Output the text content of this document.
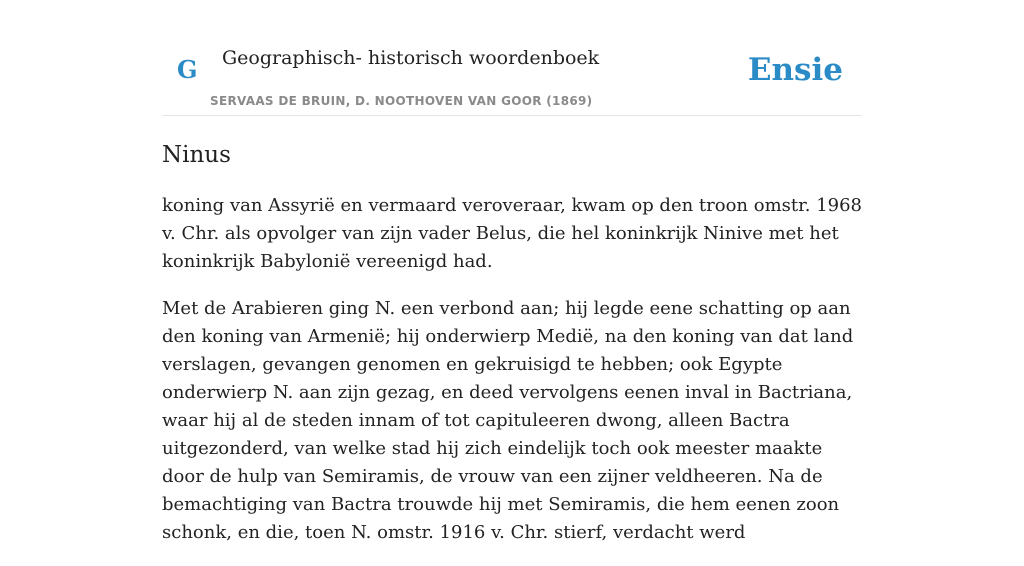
G Geographisch- historisch woordenboek
SERVAAS DE BRUIN, D. NOOTHOVEN VAN GOOR (1869)
Ensie
Ninus

koning van Assyrië en vermaard veroveraar, kwam op den troon omstr. 1968 v. Chr. als opvolger van zijn vader Belus, die hel koninkrijk Ninive met het koninkrijk Babylonië vereenigd had.

Met de Arabieren ging N. een verbond aan; hij legde eene schatting op aan den koning van Armenië; hij onderwierp Medië, na den koning van dat land verslagen, gevangen genomen en gekruisigd te hebben; ook Egypte onderwierp N. aan zijn gezag, en deed vervolgens eenen inval in Bactriana, waar hij al de steden innam of tot capituleeren dwong, alleen Bactra uitgezonderd, van welke stad hij zich eindelijk toch ook meester maakte door de hulp van Semiramis, de vrouw van een zijner veldheeren. Na de bemachtiging van Bactra trouwde hij met Semiramis, die hem eenen zoon schonk, en die, toen N. omstr. 1916 v. Chr. stierf, verdacht werd
